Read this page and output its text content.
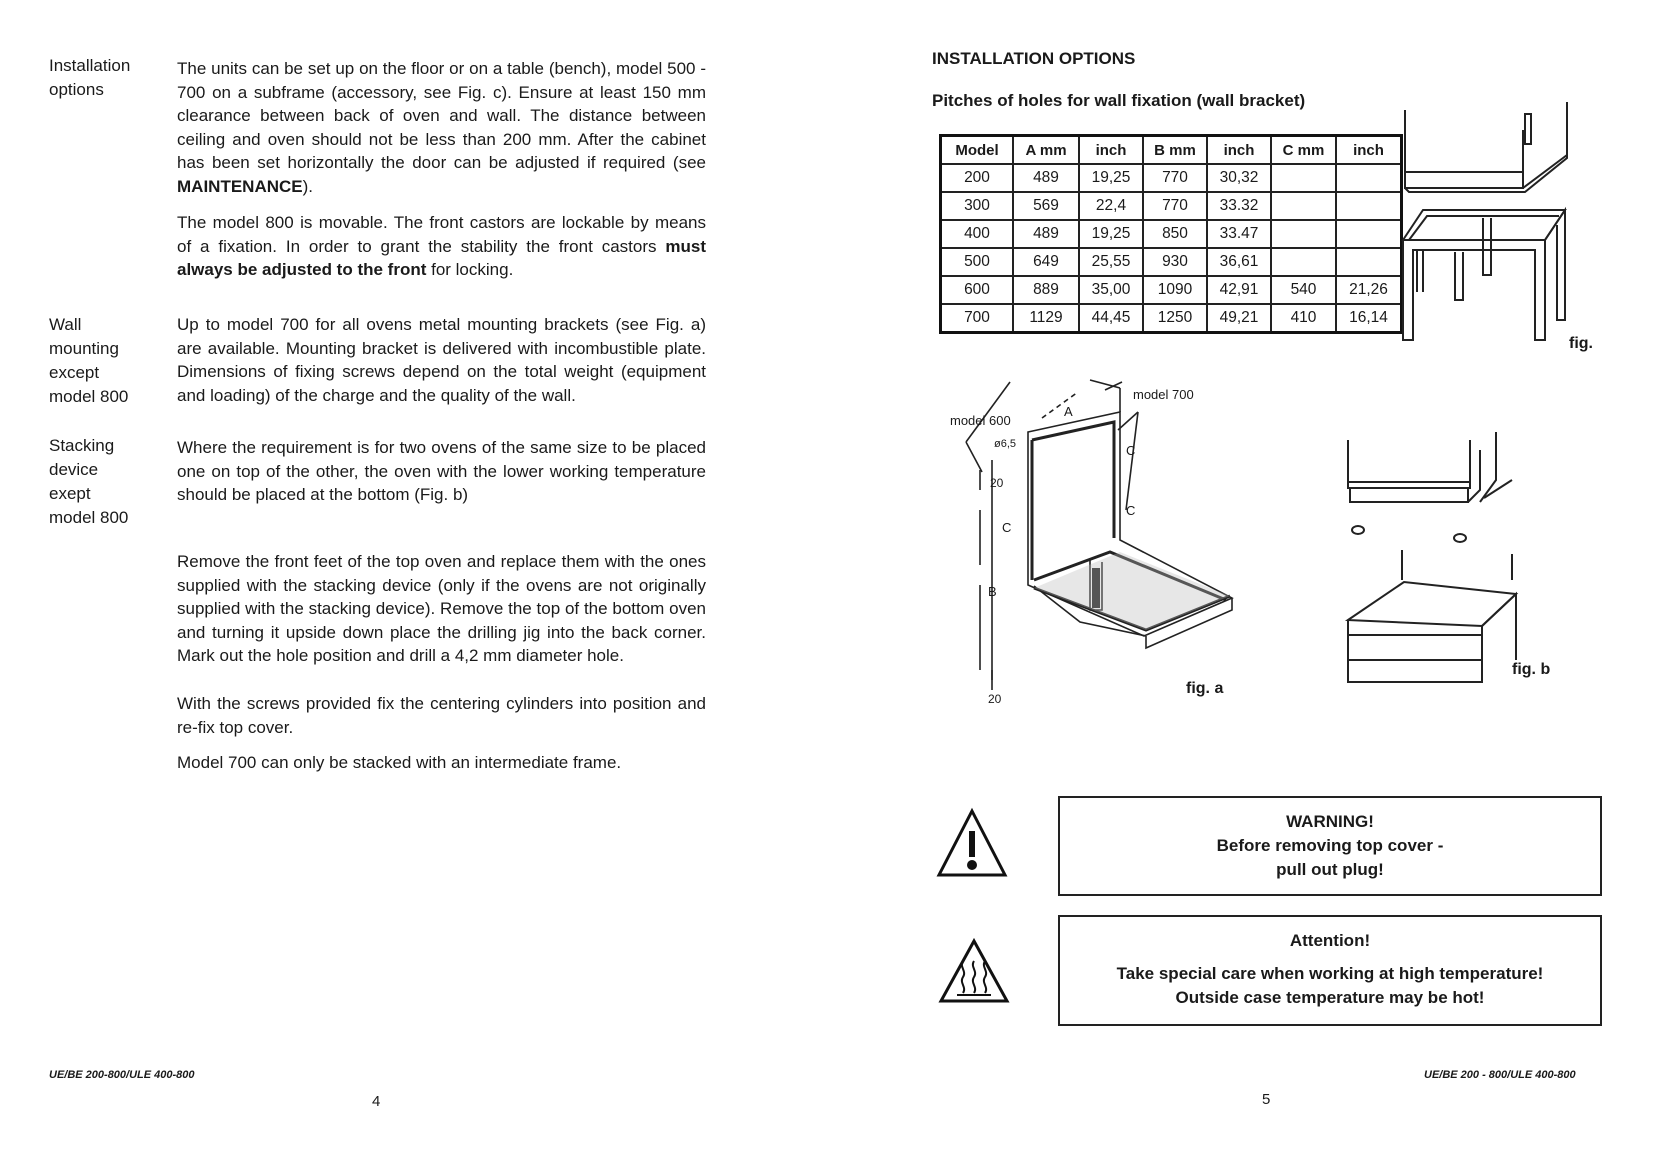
Installation
options
The units can be set up on the floor or on a table (bench), model 500 - 700 on a subframe (accessory, see Fig. c). Ensure at least 150 mm clearance between back of oven and wall. The distance between ceiling and oven should not be less than 200 mm. After the cabinet has been set horizontally the door can be adjusted if required (see MAINTENANCE).
The model 800 is movable. The front castors are lockable by means of a fixation. In order to grant the stability the front castors must always be adjusted to the front for locking.
Wall
mounting
except
model 800
Up to model 700 for all ovens metal mounting brackets (see Fig. a) are available. Mounting bracket is delivered with incombustible plate. Dimensions of fixing screws depend on the total weight (equipment and loading) of the charge and the quality of the wall.
Stacking
device
exept
model 800
Where the requirement is for two ovens of the same size to be placed one on top of the other, the oven with the lower working temperature should be placed at the bottom (Fig. b)
Remove the front feet of the top oven and replace them with the ones supplied with the stacking device (only if the ovens are not originally supplied with the stacking device). Remove the top of the bottom oven and turning it upside down place the drilling jig into the back corner. Mark out the hole position and drill a 4,2 mm diameter hole.
With the screws provided fix the centering cylinders into position and re-fix top cover.
Model 700 can only be stacked with an intermediate frame.
UE/BE 200-800/ULE 400-800
4
INSTALLATION OPTIONS
Pitches of holes for wall fixation (wall bracket)
Model	A mm	inch	B mm	inch	C mm	inch
200	489	19,25	770	30,32		
300	569	22,4	770	33.32		
400	489	19,25	850	33.47		
500	649	25,55	930	36,61		
600	889	35,00	1090	42,91	540	21,26
700	1129	44,45	1250	49,21	410	16,14
fig.
model 600
model 700
A
ø6,5
20
C
B
C
C
20
fig. a
fig. b
WARNING!
Before removing top cover -
pull out plug!
Attention!
Take special care when working at high temperature!
Outside case temperature may be hot!
UE/BE 200 - 800/ULE 400-800
5
